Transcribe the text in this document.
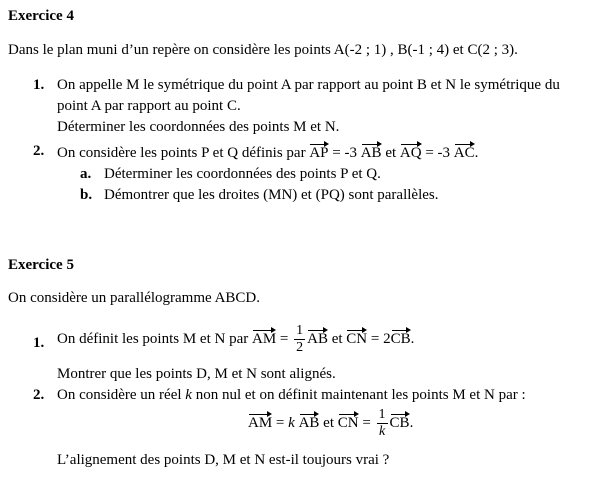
Exercice 4
Dans le plan muni d’un repère on considère les points A(-2 ; 1) , B(-1 ; 4) et C(2 ; 3).
1. On appelle M le symétrique du point A par rapport au point B et N le symétrique du
point A par rapport au point C.
Déterminer les coordonnées des points M et N.
2. On considère les points P et Q définis par AP = -3 AB et AQ = -3 AC.
a. Déterminer les coordonnées des points P et Q.
b. Démontrer que les droites (MN) et (PQ) sont parallèles.
Exercice 5
On considère un parallélogramme ABCD.
1. On définit les points M et N par AM = $\frac{1}{2}$ AB et CN = 2CB.
Montrer que les points D, M et N sont alignés.
2. On considère un réel k non nul et on définit maintenant les points M et N par :
AM = k AB et CN = $\frac{1}{k}$ CB.
L’alignement des points D, M et N est-il toujours vrai ?
